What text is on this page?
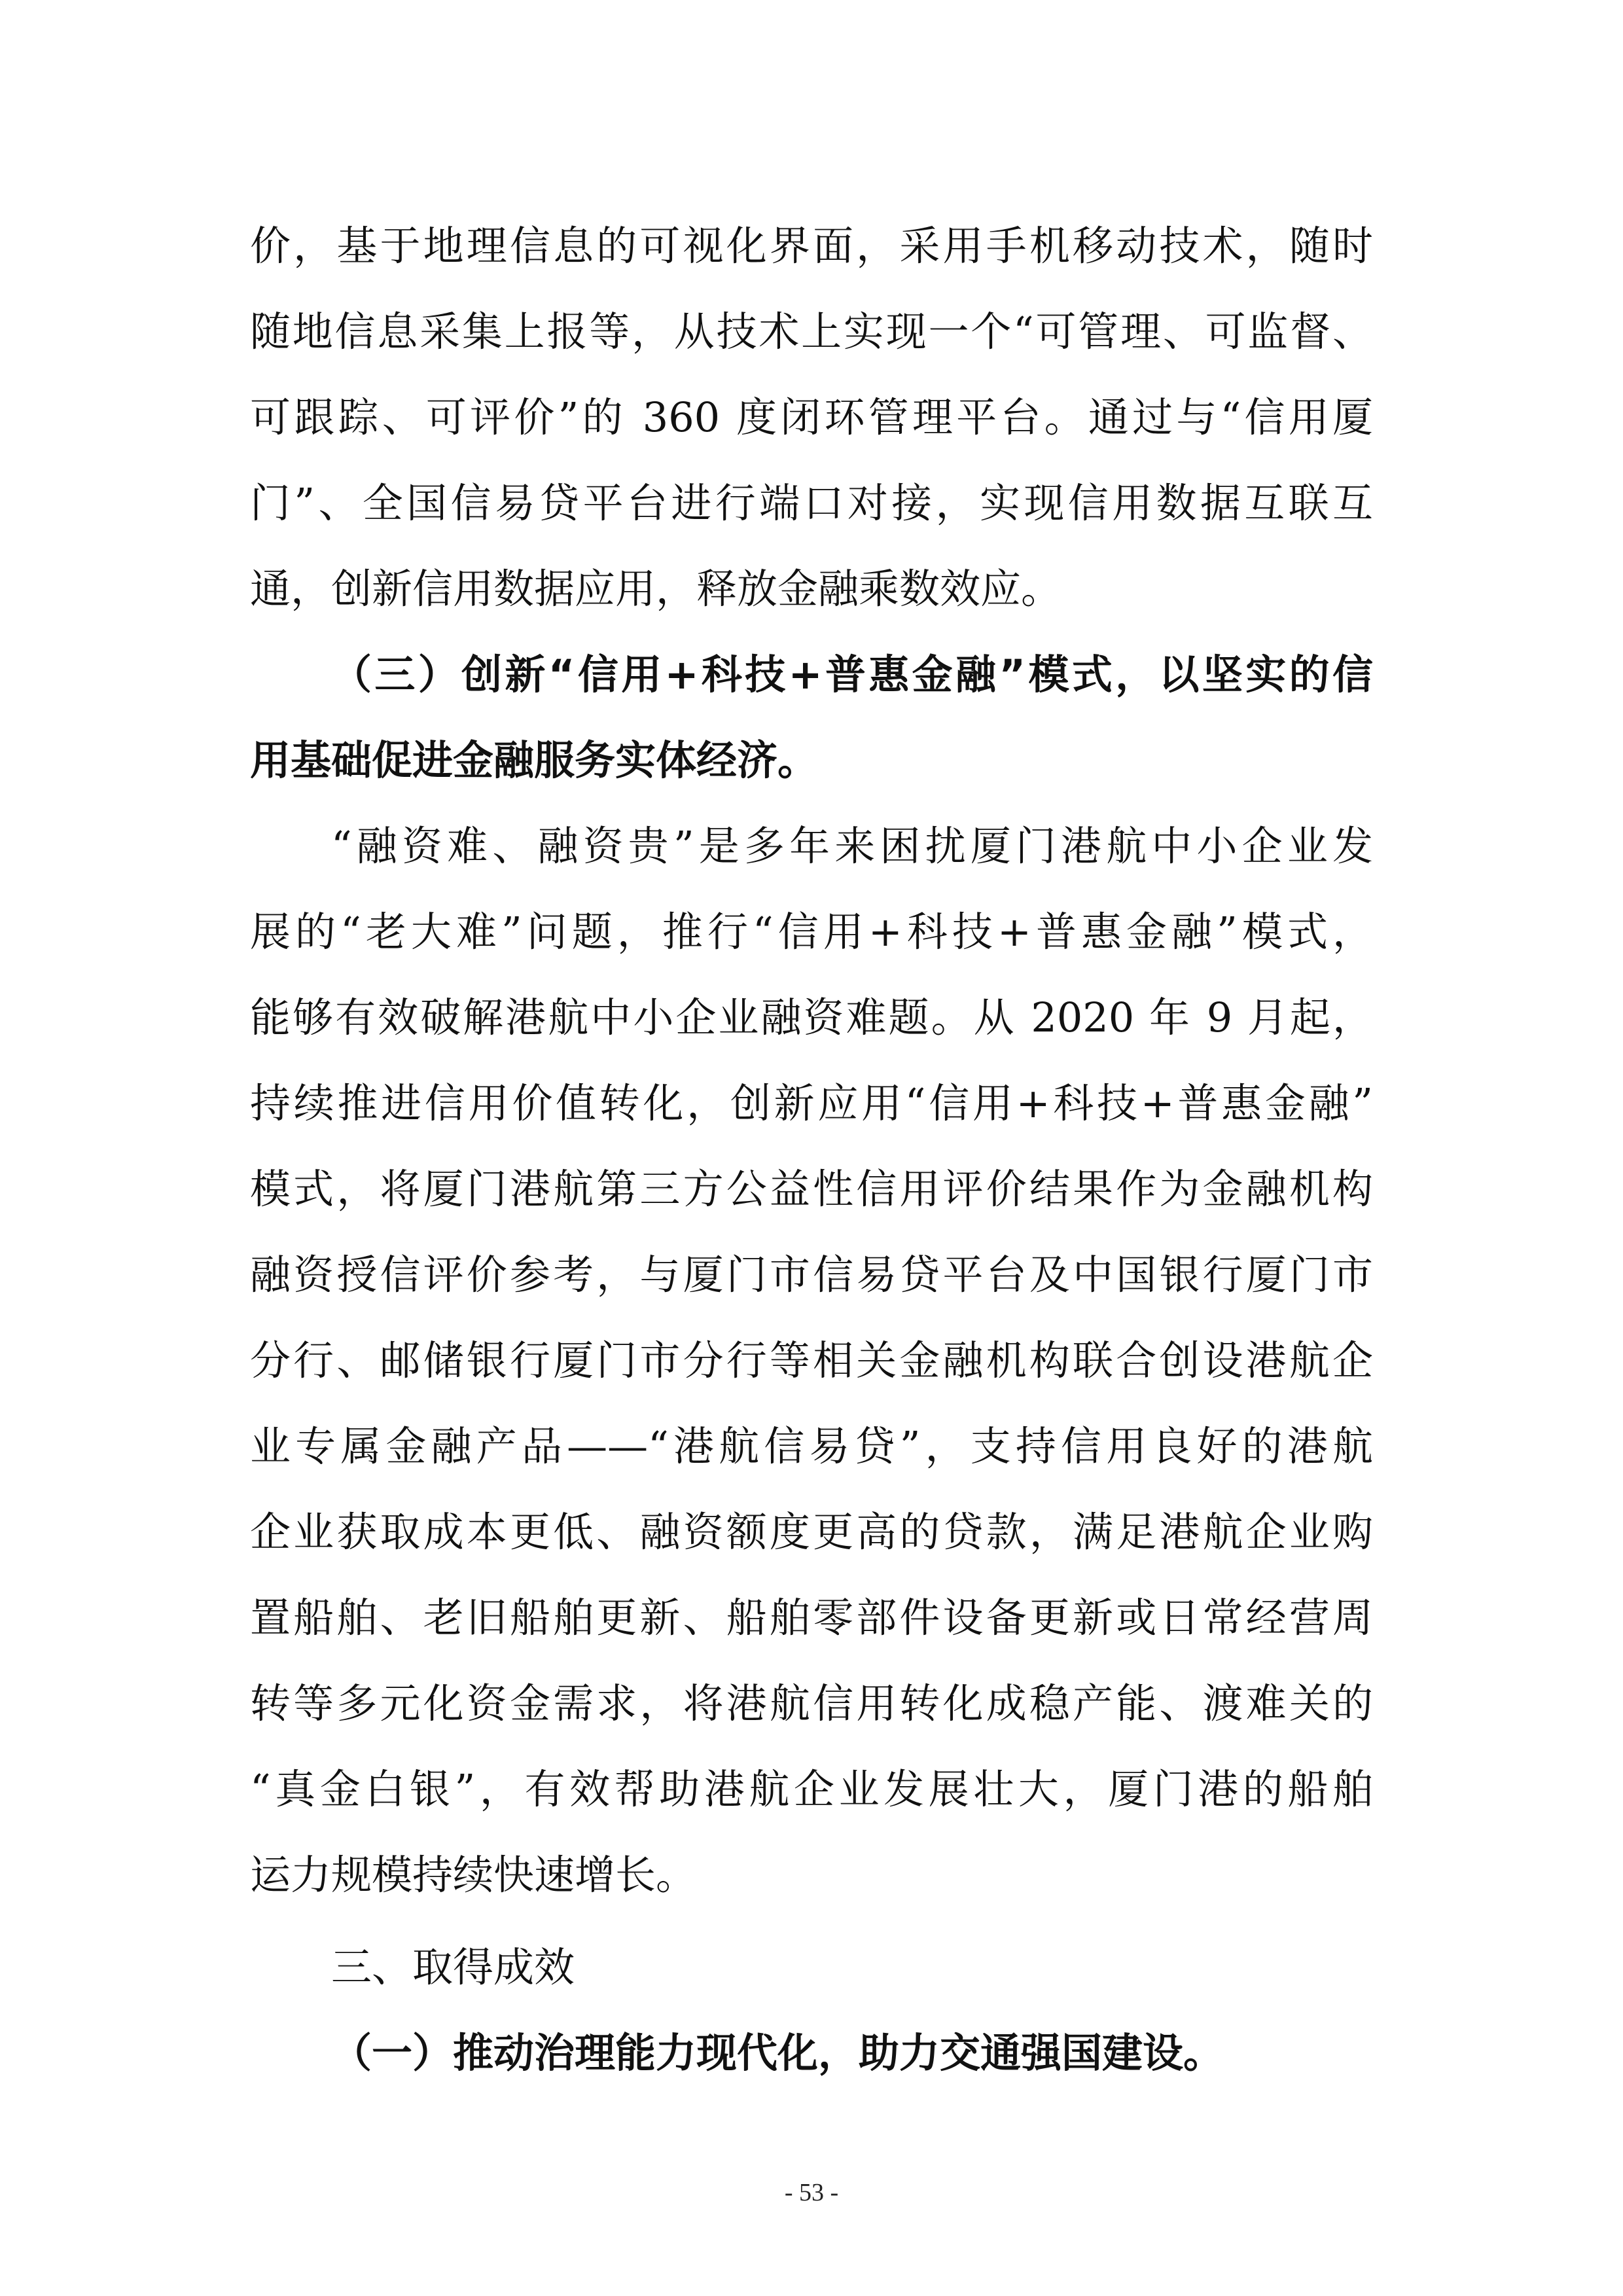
价，基于地理信息的可视化界面，采用手机移动技术，随时
随地信息采集上报等，从技术上实现一个“可管理、可监督、
可跟踪、可评价”的 360 度闭环管理平台。通过与“信用厦
门”、全国信易贷平台进行端口对接，实现信用数据互联互
通，创新信用数据应用，释放金融乘数效应。
（三）创新“信用+科技+普惠金融”模式，以坚实的信
用基础促进金融服务实体经济。
“融资难、融资贵”是多年来困扰厦门港航中小企业发
展的“老大难”问题，推行“信用+科技+普惠金融”模式，
能够有效破解港航中小企业融资难题。从 2020 年 9 月起，
持续推进信用价值转化，创新应用“信用+科技+普惠金融”
模式，将厦门港航第三方公益性信用评价结果作为金融机构
融资授信评价参考，与厦门市信易贷平台及中国银行厦门市
分行、邮储银行厦门市分行等相关金融机构联合创设港航企
业专属金融产品——“港航信易贷”，支持信用良好的港航
企业获取成本更低、融资额度更高的贷款，满足港航企业购
置船舶、老旧船舶更新、船舶零部件设备更新或日常经营周
转等多元化资金需求，将港航信用转化成稳产能、渡难关的
“真金白银”，有效帮助港航企业发展壮大，厦门港的船舶
运力规模持续快速增长。
三、取得成效
（一）推动治理能力现代化，助力交通强国建设。
- 53 -
